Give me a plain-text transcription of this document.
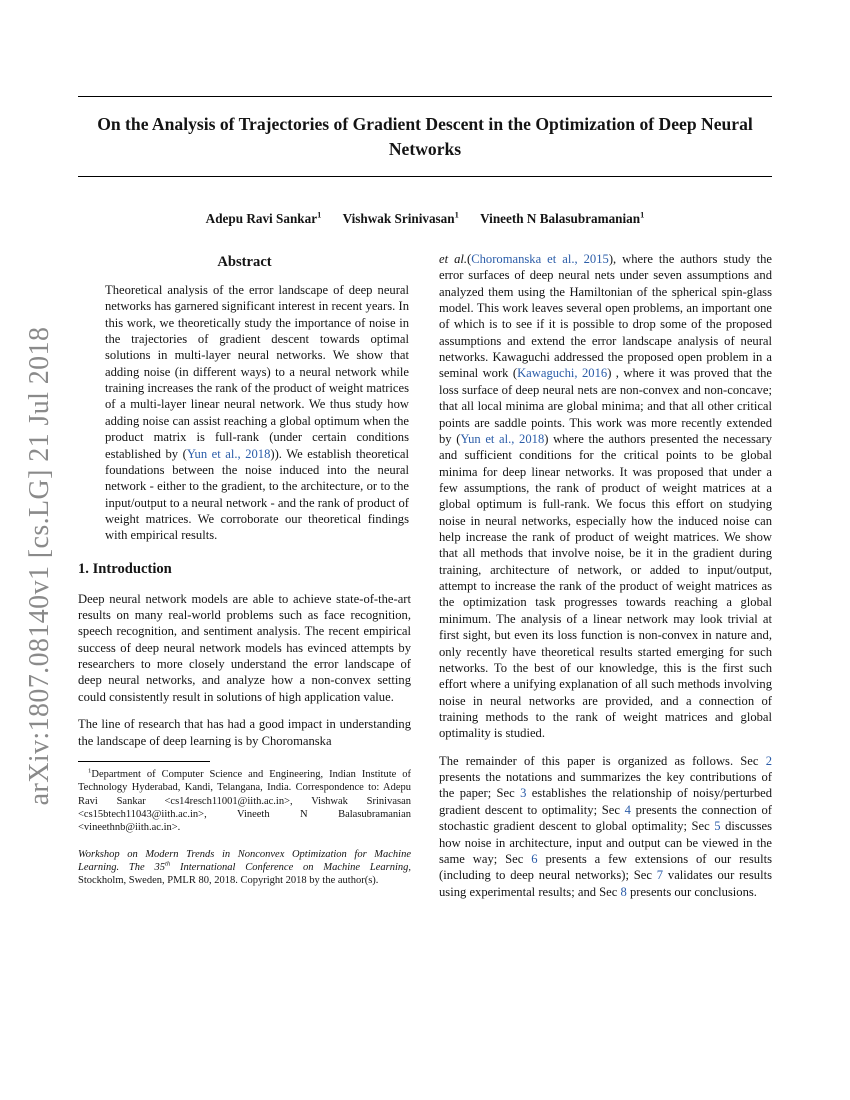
arXiv:1807.08140v1 [cs.LG] 21 Jul 2018
On the Analysis of Trajectories of Gradient Descent in the Optimization of Deep Neural Networks
Adepu Ravi Sankar$^1$ Vishwak Srinivasan$^1$ Vineeth N Balasubramanian$^1$
Abstract
Theoretical analysis of the error landscape of deep neural networks has garnered significant interest in recent years. In this work, we theoretically study the importance of noise in the trajectories of gradient descent towards optimal solutions in multi-layer neural networks. We show that adding noise (in different ways) to a neural network while training increases the rank of the product of weight matrices of a multi-layer linear neural network. We thus study how adding noise can assist reaching a global optimum when the product matrix is full-rank (under certain conditions established by (Yun et al., 2018)). We establish theoretical foundations between the noise induced into the neural network - either to the gradient, to the architecture, or to the input/output to a neural network - and the rank of product of weight matrices. We corroborate our theoretical findings with empirical results.
1. Introduction

Deep neural network models are able to achieve state-of-the-art results on many real-world problems such as face recognition, speech recognition, and sentiment analysis. The recent empirical success of deep neural network models has evinced attempts by researchers to more closely understand the error landscape of deep neural networks, and analyze how a non-convex setting could consistently result in solutions of high application value.

The line of research that has had a good impact in understanding the landscape of deep learning is by Choromanska

$^1$Department of Computer Science and Engineering, Indian Institute of Technology Hyderabad, Kandi, Telangana, India. Correspondence to: Adepu Ravi Sankar <cs14resch11001@iith.ac.in>, Vishwak Srinivasan <cs15btech11043@iith.ac.in>, Vineeth N Balasubramanian <vineethnb@iith.ac.in>.
Workshop on Modern Trends in Nonconvex Optimization for Machine Learning. The 35th International Conference on Machine Learning, Stockholm, Sweden, PMLR 80, 2018. Copyright 2018 by the author(s).

et al.(Choromanska et al., 2015), where the authors study the error surfaces of deep neural nets under seven assumptions and analyzed them using the Hamiltonian of the spherical spin-glass model. This work leaves several open problems, an important one of which is to see if it is possible to drop some of the proposed assumptions and extend the error landscape analysis of neural networks. Kawaguchi addressed the proposed open problem in a seminal work (Kawaguchi, 2016) , where it was proved that the loss surface of deep neural nets are non-convex and non-concave; that all local minima are global minima; and that all other critical points are saddle points. This work was more recently extended by (Yun et al., 2018) where the authors presented the necessary and sufficient conditions for the critical points to be global minima for deep linear networks. It was proposed that under a few assumptions, the rank of product of weight matrices at a global optimum is full-rank. We focus this effort on studying noise in neural networks, especially how the induced noise can help increase the rank of product of weight matrices. We show that all methods that involve noise, be it in the gradient during training, architecture of network, or added to input/output, attempt to increase the rank of the product of weight matrices as the optimization task progresses towards reaching a global minimum. The analysis of a linear network may look trivial at first sight, but even its loss function is non-convex in nature and, only recently have theoretical results started emerging for such networks. To the best of our knowledge, this is the first such effort where a unifying explanation of all such methods involving noise in neural networks are provided, and a connection of training methods to the rank of weight matrices and global optimality is studied.

The remainder of this paper is organized as follows. Sec 2 presents the notations and summarizes the key contributions of the paper; Sec 3 establishes the relationship of noisy/perturbed gradient descent to optimality; Sec 4 presents the connection of stochastic gradient descent to global optimality; Sec 5 discusses how noise in architecture, input and output can be viewed in the same way; Sec 6 presents a few extensions of our results (including to deep neural networks); Sec 7 validates our results using experimental results; and Sec 8 presents our conclusions.
